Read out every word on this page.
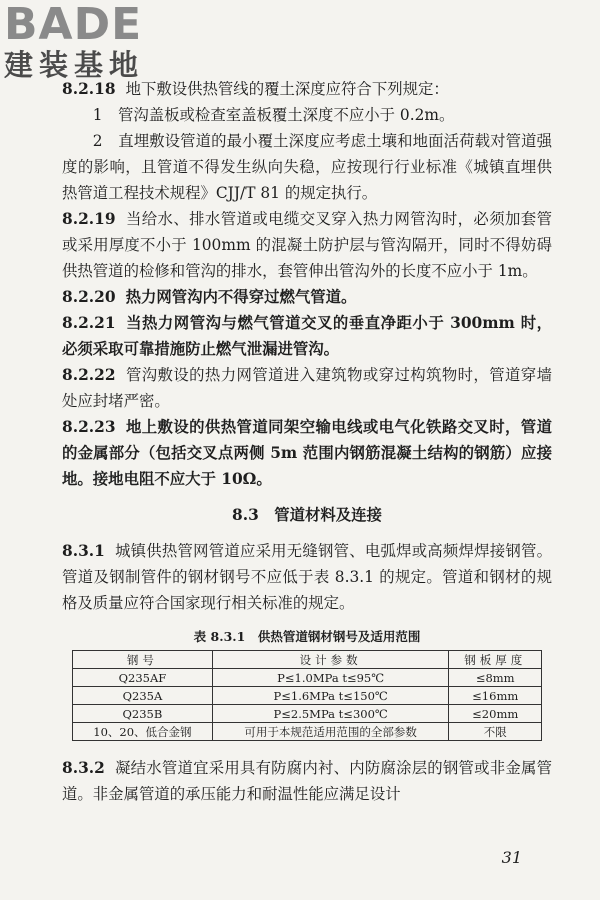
BADE
建装基地

8.2.18 地下敷设供热管线的覆土深度应符合下列规定：

1　管沟盖板或检查室盖板覆土深度不应小于 0.2m。

2　直埋敷设管道的最小覆土深度应考虑土壤和地面活荷载对管道强度的影响，且管道不得发生纵向失稳，应按现行行业标准《城镇直埋供热管道工程技术规程》CJJ/T 81 的规定执行。

8.2.19 当给水、排水管道或电缆交叉穿入热力网管沟时，必须加套管或采用厚度不小于 100mm 的混凝土防护层与管沟隔开，同时不得妨碍供热管道的检修和管沟的排水，套管伸出管沟外的长度不应小于 1m。

8.2.20 热力网管沟内不得穿过燃气管道。

8.2.21 当热力网管沟与燃气管道交叉的垂直净距小于 300mm 时，必须采取可靠措施防止燃气泄漏进管沟。

8.2.22 管沟敷设的热力网管道进入建筑物或穿过构筑物时，管道穿墙处应封堵严密。

8.2.23 地上敷设的供热管道同架空输电线或电气化铁路交叉时，管道的金属部分（包括交叉点两侧 5m 范围内钢筋混凝土结构的钢筋）应接地。接地电阻不应大于 10Ω。

8.3　管道材料及连接

8.3.1 城镇供热管网管道应采用无缝钢管、电弧焊或高频焊焊接钢管。管道及钢制管件的钢材钢号不应低于表 8.3.1 的规定。管道和钢材的规格及质量应符合国家现行相关标准的规定。

表 8.3.1　供热管道钢材钢号及适用范围
钢号	设计参数	钢板厚度
Q235AF	P≤1.0MPa t≤95℃	≤8mm
Q235A	P≤1.6MPa t≤150℃	≤16mm
Q235B	P≤2.5MPa t≤300℃	≤20mm
10、20、低合金钢	可用于本规范适用范围的全部参数	不限

8.3.2 凝结水管道宜采用具有防腐内衬、内防腐涂层的钢管或非金属管道。非金属管道的承压能力和耐温性能应满足设计

31
